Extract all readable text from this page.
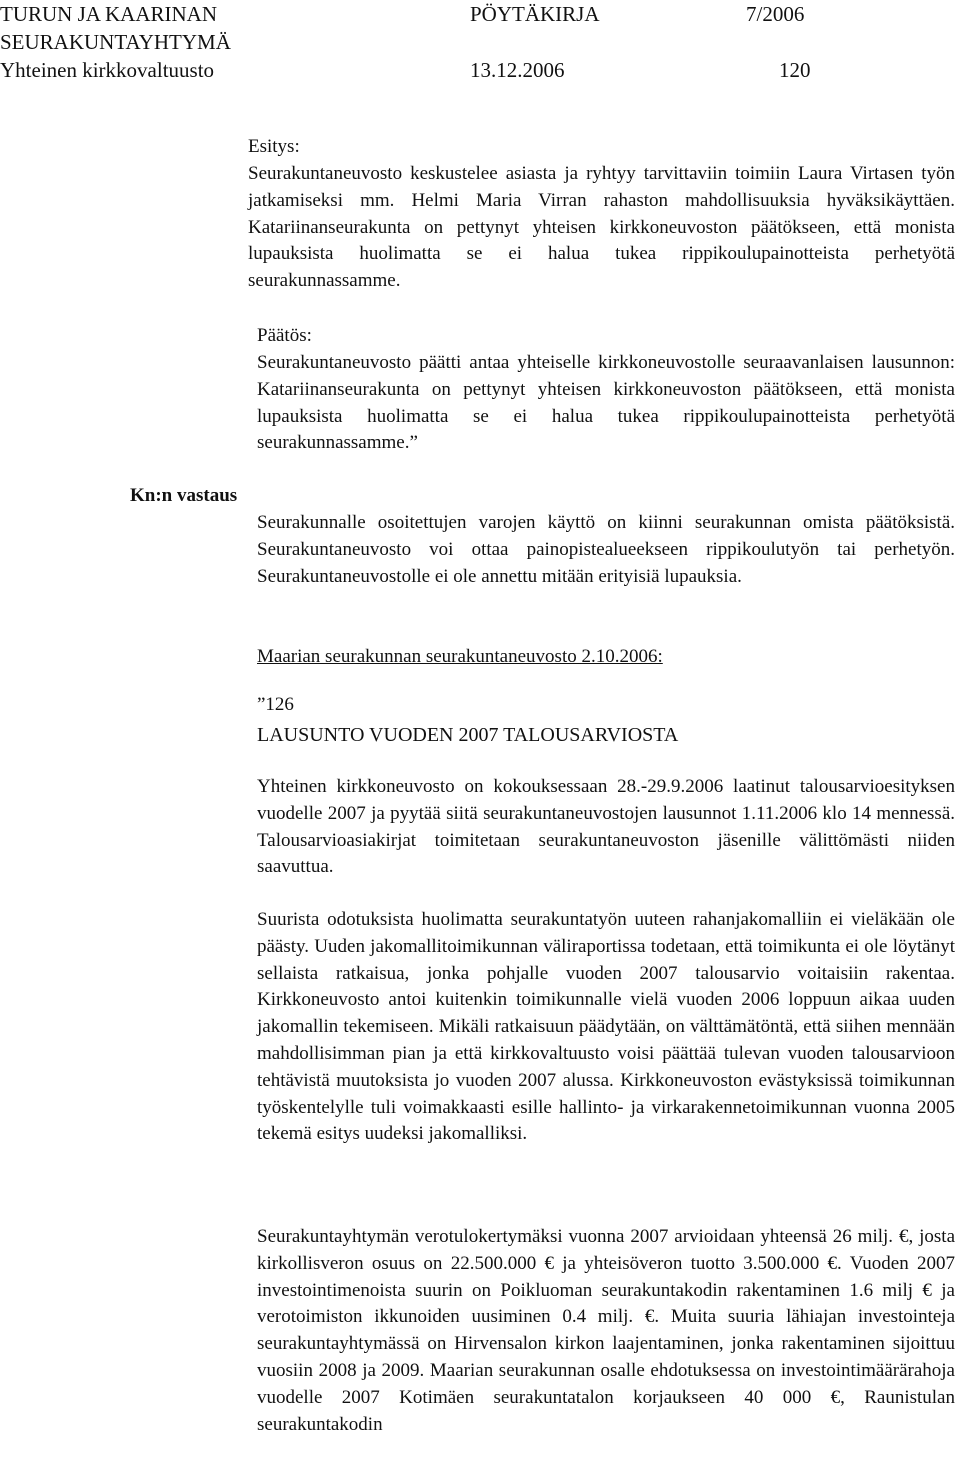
TURUN JA KAARINAN
SEURAKUNTAYHTYMÄ
Yhteinen kirkkovaltuusto
PÖYTÄKIRJA
13.12.2006
7/2006
120
Esitys:
Seurakuntaneuvosto keskustelee asiasta ja ryhtyy tarvittaviin toimiin Laura Virtasen työn jatkamiseksi mm. Helmi Maria Virran rahaston mahdollisuuksia hyväksikäyttäen. Katariinanseurakunta on pettynyt yhteisen kirkkoneuvoston päätökseen, että monista lupauksista huolimatta se ei halua tukea rippikoulupainotteista perhetyötä seurakunnassamme.
Päätös:
Seurakuntaneuvosto päätti antaa yhteiselle kirkkoneuvostolle seuraavanlaisen lausunnon: Katariinanseurakunta on pettynyt yhteisen kirkkoneuvoston päätökseen, että monista lupauksista huolimatta se ei halua tukea rippikoulupainotteista perhetyötä seurakunnassamme.”
Kn:n vastaus
Seurakunnalle osoitettujen varojen käyttö on kiinni seurakunnan omista päätöksistä. Seurakuntaneuvosto voi ottaa painopistealueekseen rippikoulutyön tai perhetyön. Seurakuntaneuvostolle ei ole annettu mitään erityisiä lupauksia.
Maarian seurakunnan seurakuntaneuvosto 2.10.2006:
”126
LAUSUNTO VUODEN 2007 TALOUSARVIOSTA
Yhteinen kirkkoneuvosto on kokouksessaan 28.-29.9.2006 laatinut talousarvioesityksen vuodelle 2007 ja pyytää siitä seurakuntaneuvostojen lausunnot 1.11.2006 klo 14 mennessä. Talousarvioasiakirjat toimitetaan seurakuntaneuvoston jäsenille välittömästi niiden saavuttua.
Suurista odotuksista huolimatta seurakuntatyön uuteen rahanjakomalliin ei vieläkään ole päästy. Uuden jakomallitoimikunnan väliraportissa todetaan, että toimikunta ei ole löytänyt sellaista ratkaisua, jonka pohjalle vuoden 2007 talousarvio voitaisiin rakentaa. Kirkkoneuvosto antoi kuitenkin toimikunnalle vielä vuoden 2006 loppuun aikaa uuden jakomallin tekemiseen. Mikäli ratkaisuun päädytään, on välttämätöntä, että siihen mennään mahdollisimman pian ja että kirkkovaltuusto voisi päättää tulevan vuoden talousarvioon tehtävistä muutoksista jo vuoden 2007 alussa. Kirkkoneuvoston evästyksissä toimikunnan työskentelylle tuli voimakkaasti esille hallinto- ja virkarakennetoimikunnan vuonna 2005 tekemä esitys uudeksi jakomalliksi.
Seurakuntayhtymän verotulokertymäksi vuonna 2007 arvioidaan yhteensä 26 milj. €, josta kirkollisveron osuus on 22.500.000 € ja yhteisöveron tuotto 3.500.000 €. Vuoden 2007 investointimenoista suurin on Poikluoman seurakuntakodin rakentaminen 1.6 milj € ja verotoimiston ikkunoiden uusiminen 0.4 milj. €. Muita suuria lähiajan investointeja seurakuntayhtymässä on Hirvensalon kirkon laajentaminen, jonka rakentaminen sijoittuu vuosiin 2008 ja 2009. Maarian seurakunnan osalle ehdotuksessa on investointimäärärahoja vuodelle 2007 Kotimäen seurakuntatalon korjaukseen 40 000 €, Raunistulan seurakuntakodin
